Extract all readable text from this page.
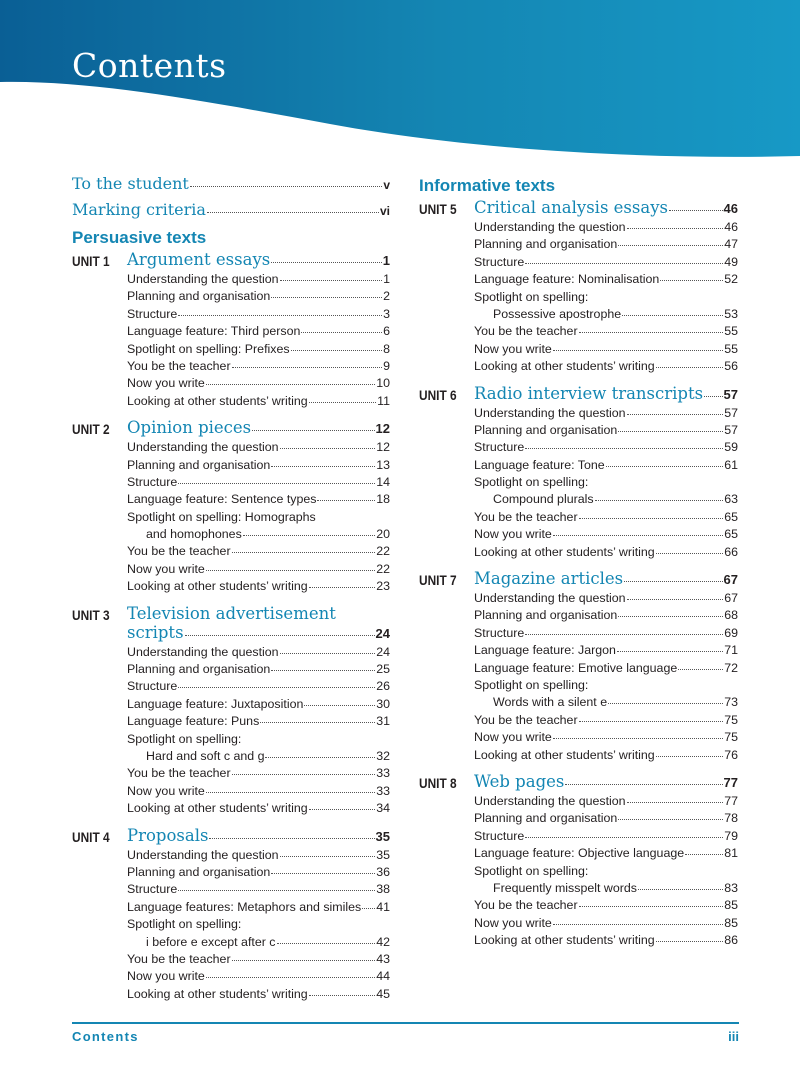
Contents
To the student	v
Marking criteria	vi
Persuasive texts
UNIT 1	Argument essays	1
Understanding the question	1
Planning and organisation	2
Structure	3
Language feature: Third person	6
Spotlight on spelling: Prefixes	8
You be the teacher	9
Now you write	10
Looking at other students’ writing	11
UNIT 2	Opinion pieces	12
Understanding the question	12
Planning and organisation	13
Structure	14
Language feature: Sentence types	18
Spotlight on spelling: Homographs
and homophones	20
You be the teacher	22
Now you write	22
Looking at other students’ writing	23
UNIT 3	Television advertisement
scripts	24
Understanding the question	24
Planning and organisation	25
Structure	26
Language feature: Juxtaposition	30
Language feature: Puns	31
Spotlight on spelling:
Hard and soft c and g	32
You be the teacher	33
Now you write	33
Looking at other students’ writing	34
UNIT 4	Proposals	35
Understanding the question	35
Planning and organisation	36
Structure	38
Language features: Metaphors and similes 41
Spotlight on spelling:
i before e except after c	42
You be the teacher	43
Now you write	44
Looking at other students’ writing	45
Informative texts
UNIT 5	Critical analysis essays	46
Understanding the question	46
Planning and organisation	47
Structure	49
Language feature: Nominalisation	52
Spotlight on spelling:
Possessive apostrophe	53
You be the teacher	55
Now you write	55
Looking at other students’ writing	56
UNIT 6	Radio interview transcripts 57
Understanding the question	57
Planning and organisation	57
Structure	59
Language feature: Tone	61
Spotlight on spelling:
Compound plurals	63
You be the teacher	65
Now you write	65
Looking at other students’ writing	66
UNIT 7	Magazine articles	67
Understanding the question	67
Planning and organisation	68
Structure	69
Language feature: Jargon	71
Language feature: Emotive language	72
Spotlight on spelling:
Words with a silent e	73
You be the teacher	75
Now you write	75
Looking at other students’ writing	76
UNIT 8	Web pages	77
Understanding the question	77
Planning and organisation	78
Structure	79
Language feature: Objective language	81
Spotlight on spelling:
Frequently misspelt words	83
You be the teacher	85
Now you write	85
Looking at other students’ writing	86
Contents	iii
